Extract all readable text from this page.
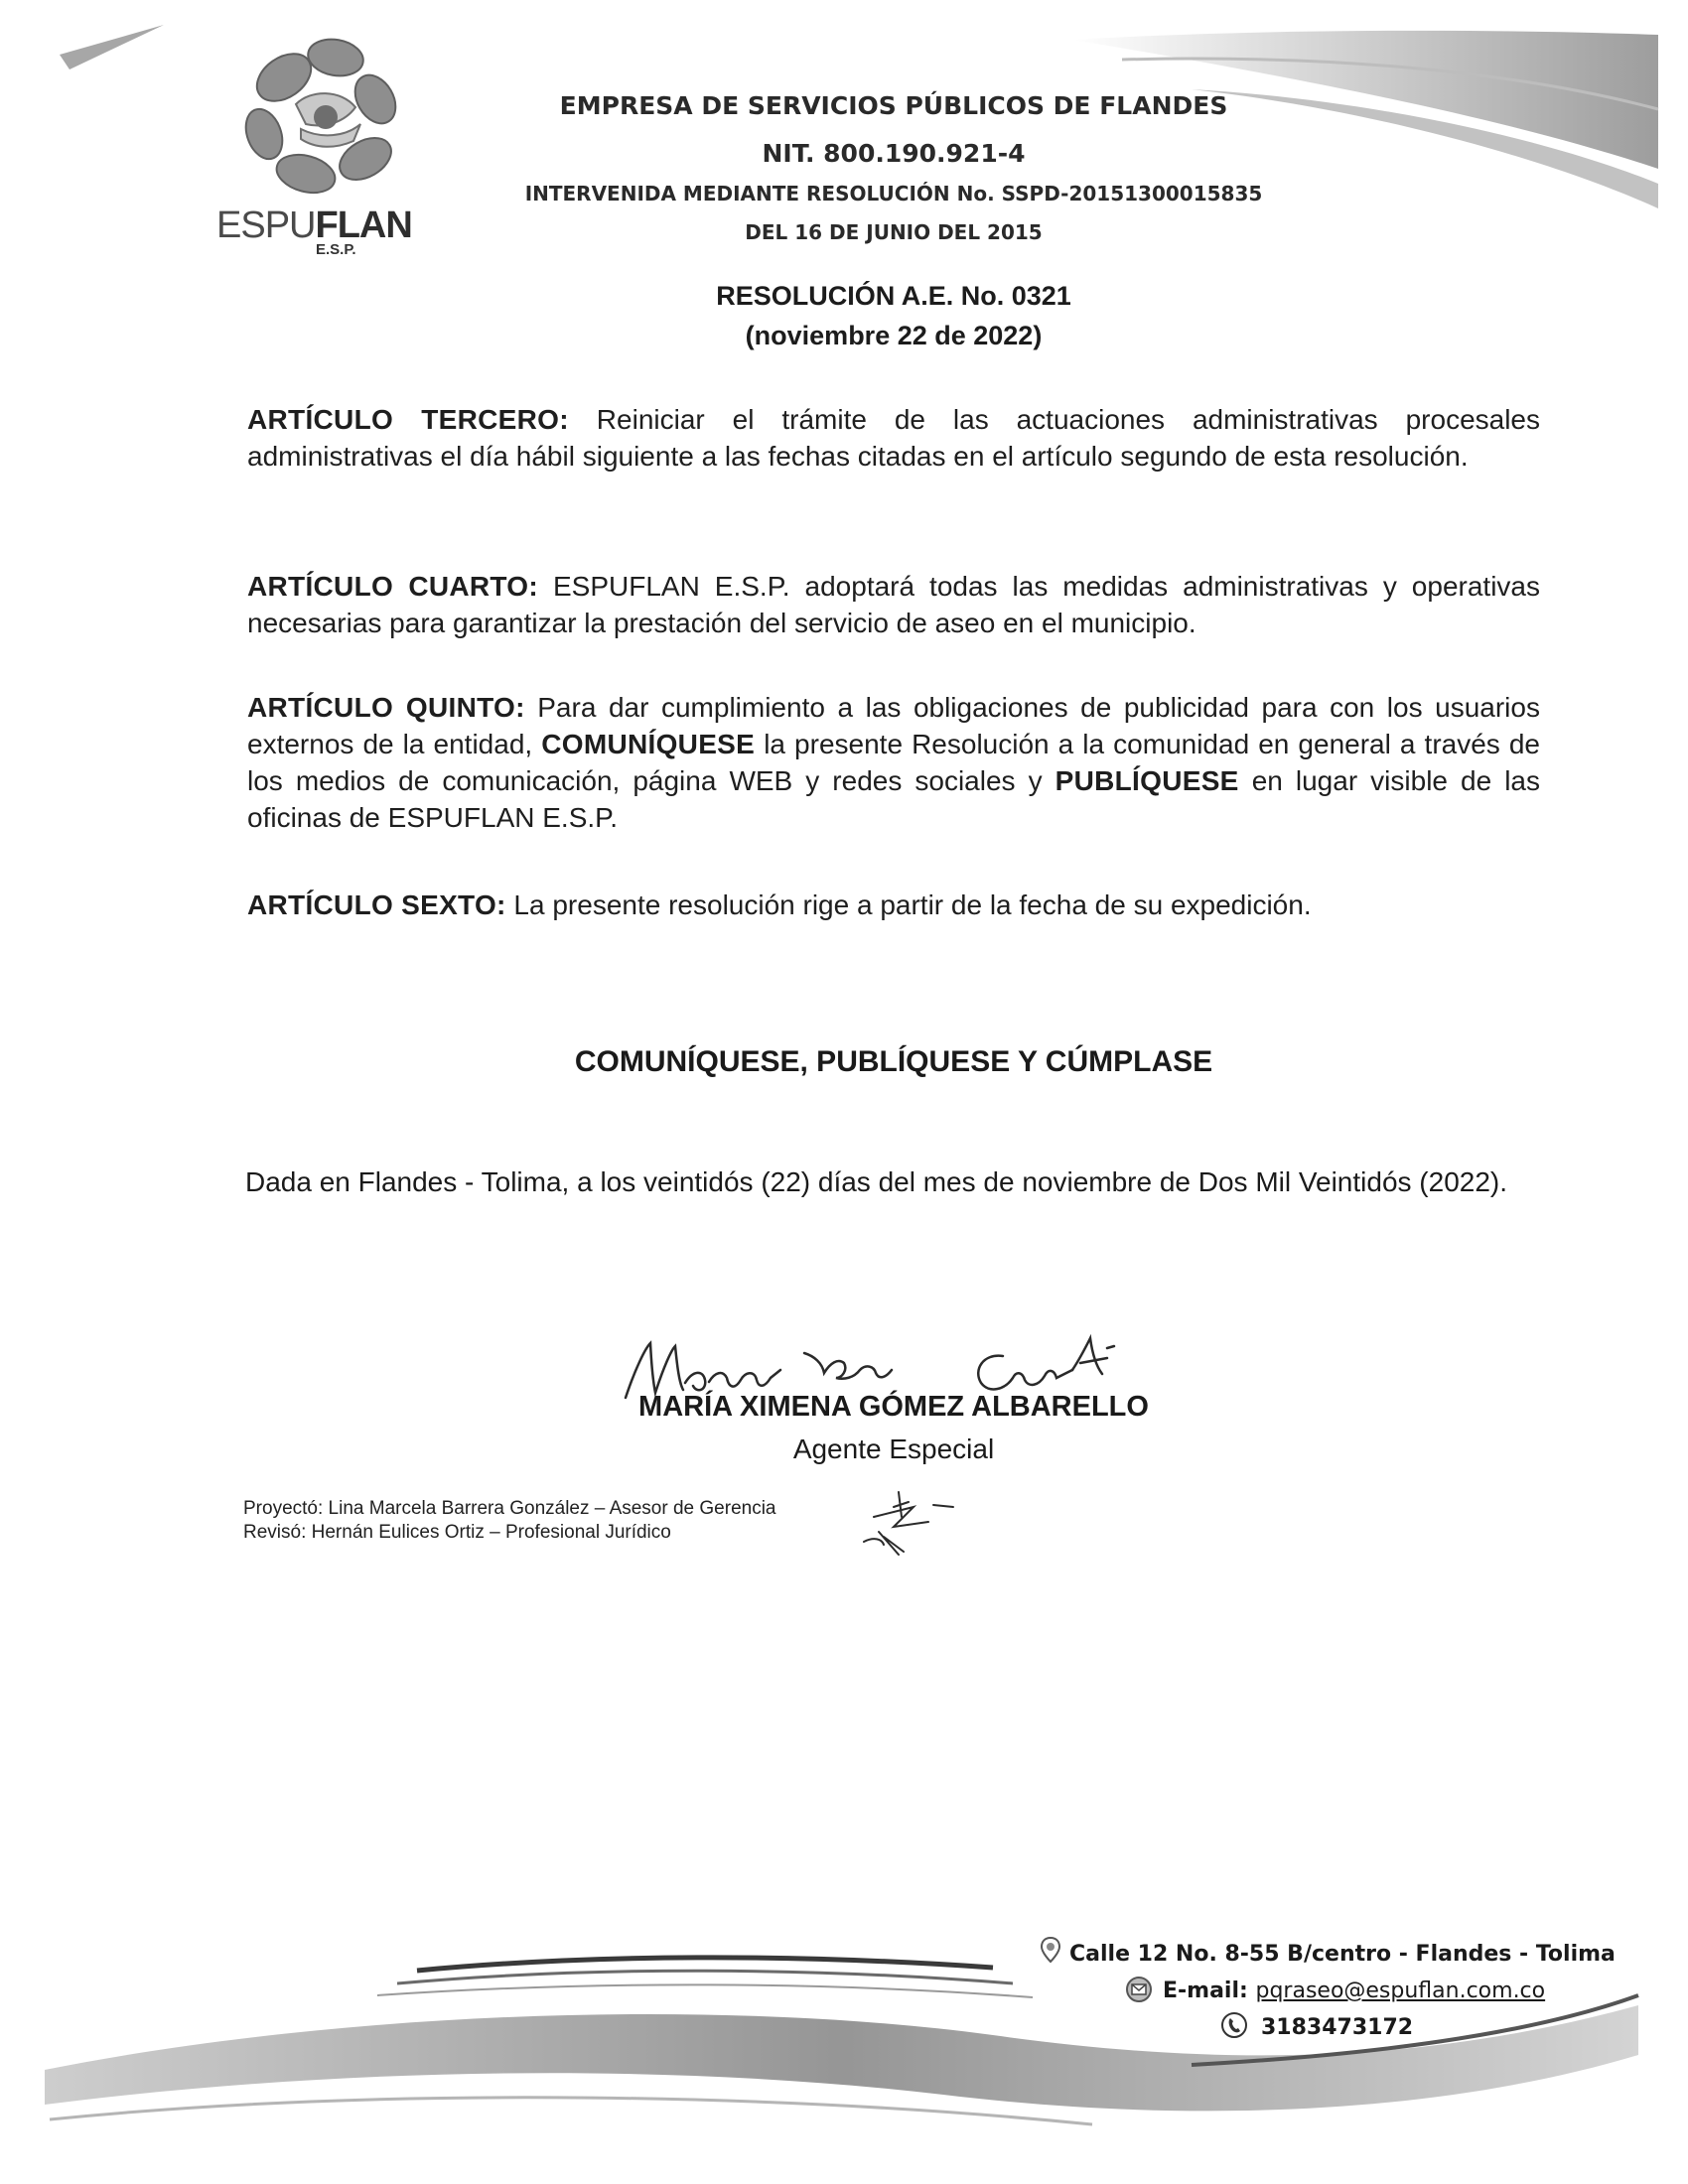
ESPUFLAN
E.S.P.
EMPRESA DE SERVICIOS PÚBLICOS DE FLANDES
NIT. 800.190.921-4
INTERVENIDA MEDIANTE RESOLUCIÓN No. SSPD-20151300015835
DEL 16 DE JUNIO DEL 2015
RESOLUCIÓN A.E. No. 0321
(noviembre 22 de 2022)
ARTÍCULO TERCERO: Reiniciar el trámite de las actuaciones administrativas procesales administrativas el día hábil siguiente a las fechas citadas en el artículo segundo de esta resolución.
ARTÍCULO CUARTO: ESPUFLAN E.S.P. adoptará todas las medidas administrativas y operativas necesarias para garantizar la prestación del servicio de aseo en el municipio.
ARTÍCULO QUINTO: Para dar cumplimiento a las obligaciones de publicidad para con los usuarios externos de la entidad, COMUNÍQUESE la presente Resolución a la comunidad en general a través de los medios de comunicación, página WEB y redes sociales y PUBLÍQUESE en lugar visible de las oficinas de ESPUFLAN E.S.P.
ARTÍCULO SEXTO: La presente resolución rige a partir de la fecha de su expedición.
COMUNÍQUESE, PUBLÍQUESE Y CÚMPLASE
Dada en Flandes - Tolima, a los veintidós (22) días del mes de noviembre de Dos Mil Veintidós (2022).
MARÍA XIMENA GÓMEZ ALBARELLO
Agente Especial
Proyectó: Lina Marcela Barrera González – Asesor de Gerencia
Revisó: Hernán Eulices Ortiz – Profesional Jurídico
Calle 12 No. 8-55 B/centro - Flandes - Tolima
E-mail: pqraseo@espuflan.com.co
3183473172
